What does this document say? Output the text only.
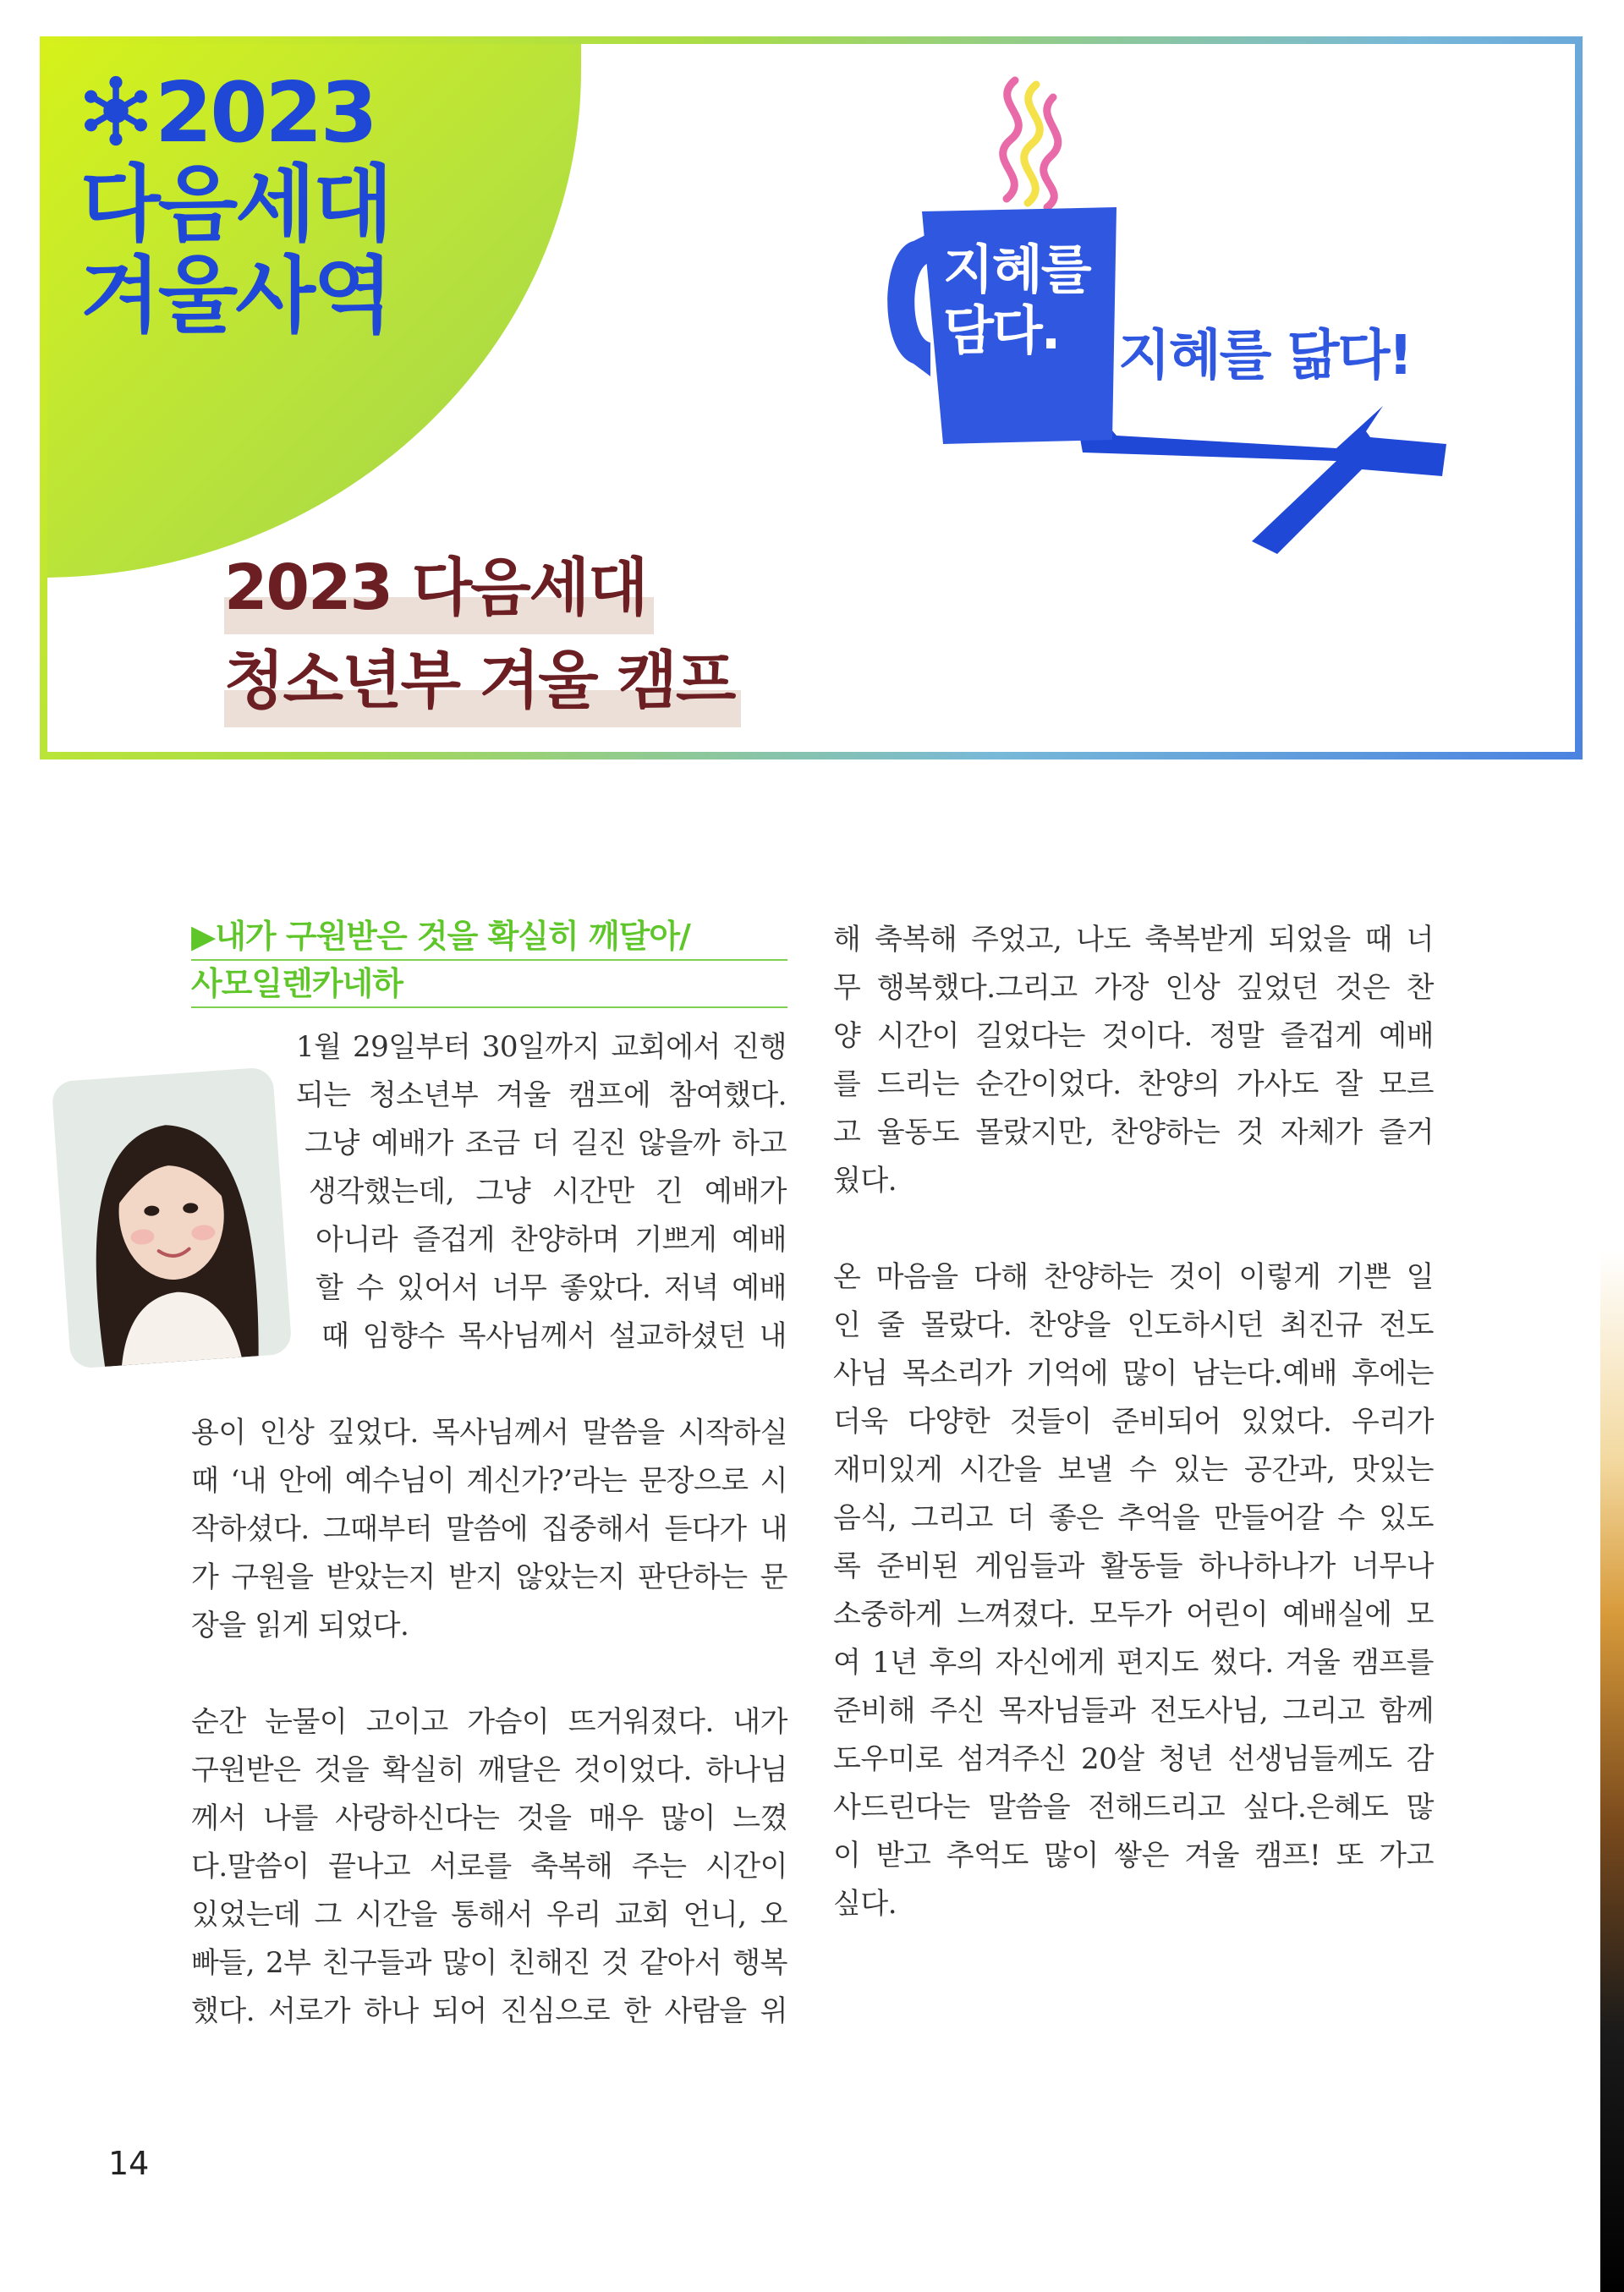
2023
다음세대
겨울사역	지혜를
담다.	지혜를 닮다!
2023 다음세대
청소년부 겨울 캠프
▶내가 구원받은 것을 확실히 깨달아/
사모일렌카네하

1월 29일부터 30일까지 교회에서 진행

되는 청소년부 겨울 캠프에 참여했다.

그냥 예배가 조금 더 길진 않을까 하고

생각했는데, 그냥 시간만 긴 예배가

아니라 즐겁게 찬양하며 기쁘게 예배

할 수 있어서 너무 좋았다. 저녁 예배

때 임향수 목사님께서 설교하셨던 내

용이 인상 깊었다. 목사님께서 말씀을 시작하실

때 ‘내 안에 예수님이 계신가?’라는 문장으로 시

작하셨다. 그때부터 말씀에 집중해서 듣다가 내

가 구원을 받았는지 받지 않았는지 판단하는 문

장을 읽게 되었다.

순간 눈물이 고이고 가슴이 뜨거워졌다. 내가

구원받은 것을 확실히 깨달은 것이었다. 하나님

께서 나를 사랑하신다는 것을 매우 많이 느꼈

다.말씀이 끝나고 서로를 축복해 주는 시간이

있었는데 그 시간을 통해서 우리 교회 언니, 오

빠들, 2부 친구들과 많이 친해진 것 같아서 행복

했다. 서로가 하나 되어 진심으로 한 사람을 위

해 축복해 주었고, 나도 축복받게 되었을 때 너

무 행복했다.그리고 가장 인상 깊었던 것은 찬

양 시간이 길었다는 것이다. 정말 즐겁게 예배

를 드리는 순간이었다. 찬양의 가사도 잘 모르

고 율동도 몰랐지만, 찬양하는 것 자체가 즐거

웠다.

온 마음을 다해 찬양하는 것이 이렇게 기쁜 일

인 줄 몰랐다. 찬양을 인도하시던 최진규 전도

사님 목소리가 기억에 많이 남는다.예배 후에는

더욱 다양한 것들이 준비되어 있었다. 우리가

재미있게 시간을 보낼 수 있는 공간과, 맛있는

음식, 그리고 더 좋은 추억을 만들어갈 수 있도

록 준비된 게임들과 활동들 하나하나가 너무나

소중하게 느껴졌다. 모두가 어린이 예배실에 모

여 1년 후의 자신에게 편지도 썼다. 겨울 캠프를

준비해 주신 목자님들과 전도사님, 그리고 함께

도우미로 섬겨주신 20살 청년 선생님들께도 감

사드린다는 말씀을 전해드리고 싶다.은혜도 많

이 받고 추억도 많이 쌓은 겨울 캠프! 또 가고

싶다.

14
